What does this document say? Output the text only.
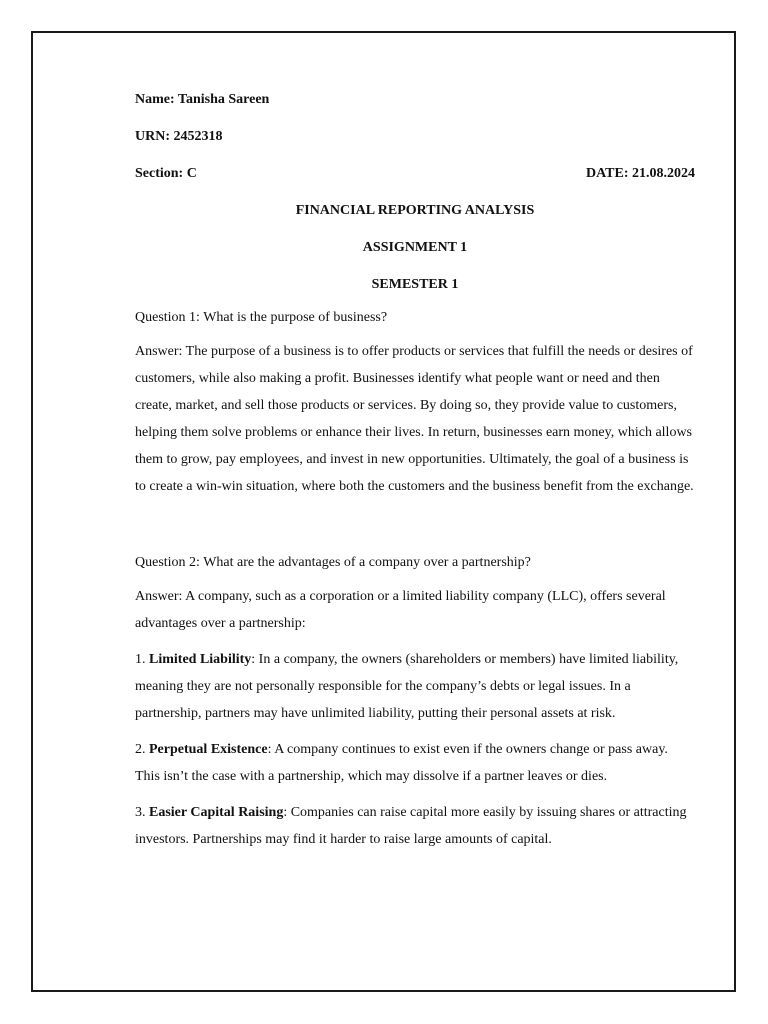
Name: Tanisha Sareen

URN: 2452318

Section: C	DATE: 21.08.2024

FINANCIAL REPORTING ANALYSIS

ASSIGNMENT 1

SEMESTER 1

Question 1: What is the purpose of business?

Answer: The purpose of a business is to offer products or services that fulfill the needs or desires of customers, while also making a profit. Businesses identify what people want or need and then create, market, and sell those products or services. By doing so, they provide value to customers, helping them solve problems or enhance their lives. In return, businesses earn money, which allows them to grow, pay employees, and invest in new opportunities. Ultimately, the goal of a business is to create a win-win situation, where both the customers and the business benefit from the exchange.

Question 2: What are the advantages of a company over a partnership?

Answer: A company, such as a corporation or a limited liability company (LLC), offers several advantages over a partnership:

1. Limited Liability: In a company, the owners (shareholders or members) have limited liability, meaning they are not personally responsible for the company’s debts or legal issues. In a partnership, partners may have unlimited liability, putting their personal assets at risk.

2. Perpetual Existence: A company continues to exist even if the owners change or pass away. This isn’t the case with a partnership, which may dissolve if a partner leaves or dies.

3. Easier Capital Raising: Companies can raise capital more easily by issuing shares or attracting investors. Partnerships may find it harder to raise large amounts of capital.
